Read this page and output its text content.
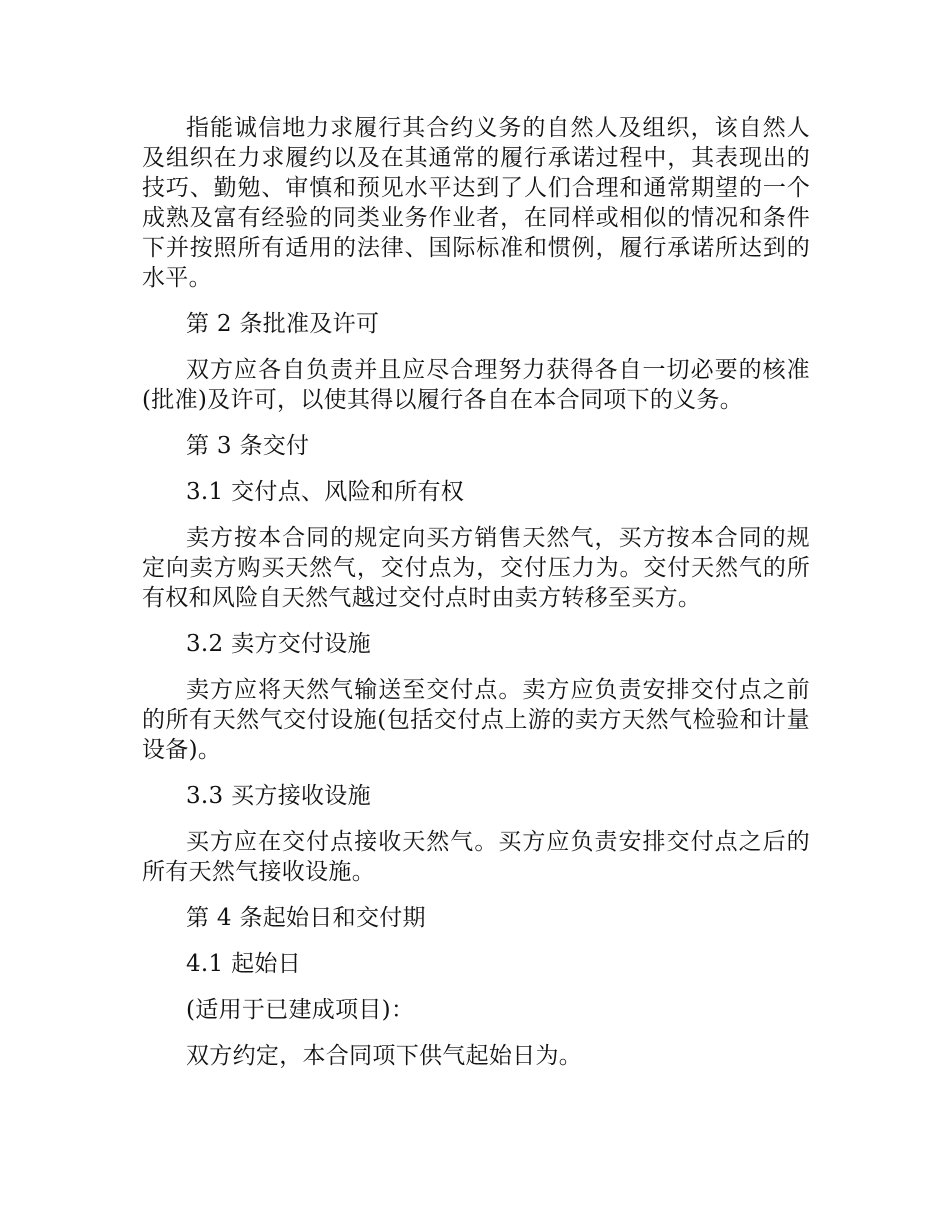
指能诚信地力求履行其合约义务的自然人及组织，该自然人及组织在力求履约以及在其通常的履行承诺过程中，其表现出的技巧、勤勉、审慎和预见水平达到了人们合理和通常期望的一个成熟及富有经验的同类业务作业者，在同样或相似的情况和条件下并按照所有适用的法律、国际标准和惯例，履行承诺所达到的水平。

第 2 条批准及许可

双方应各自负责并且应尽合理努力获得各自一切必要的核准(批准)及许可，以使其得以履行各自在本合同项下的义务。

第 3 条交付

3.1 交付点、风险和所有权

卖方按本合同的规定向买方销售天然气，买方按本合同的规定向卖方购买天然气，交付点为，交付压力为。交付天然气的所有权和风险自天然气越过交付点时由卖方转移至买方。

3.2 卖方交付设施

卖方应将天然气输送至交付点。卖方应负责安排交付点之前的所有天然气交付设施(包括交付点上游的卖方天然气检验和计量设备)。

3.3 买方接收设施

买方应在交付点接收天然气。买方应负责安排交付点之后的所有天然气接收设施。

第 4 条起始日和交付期

4.1 起始日

(适用于已建成项目)：

双方约定，本合同项下供气起始日为。
